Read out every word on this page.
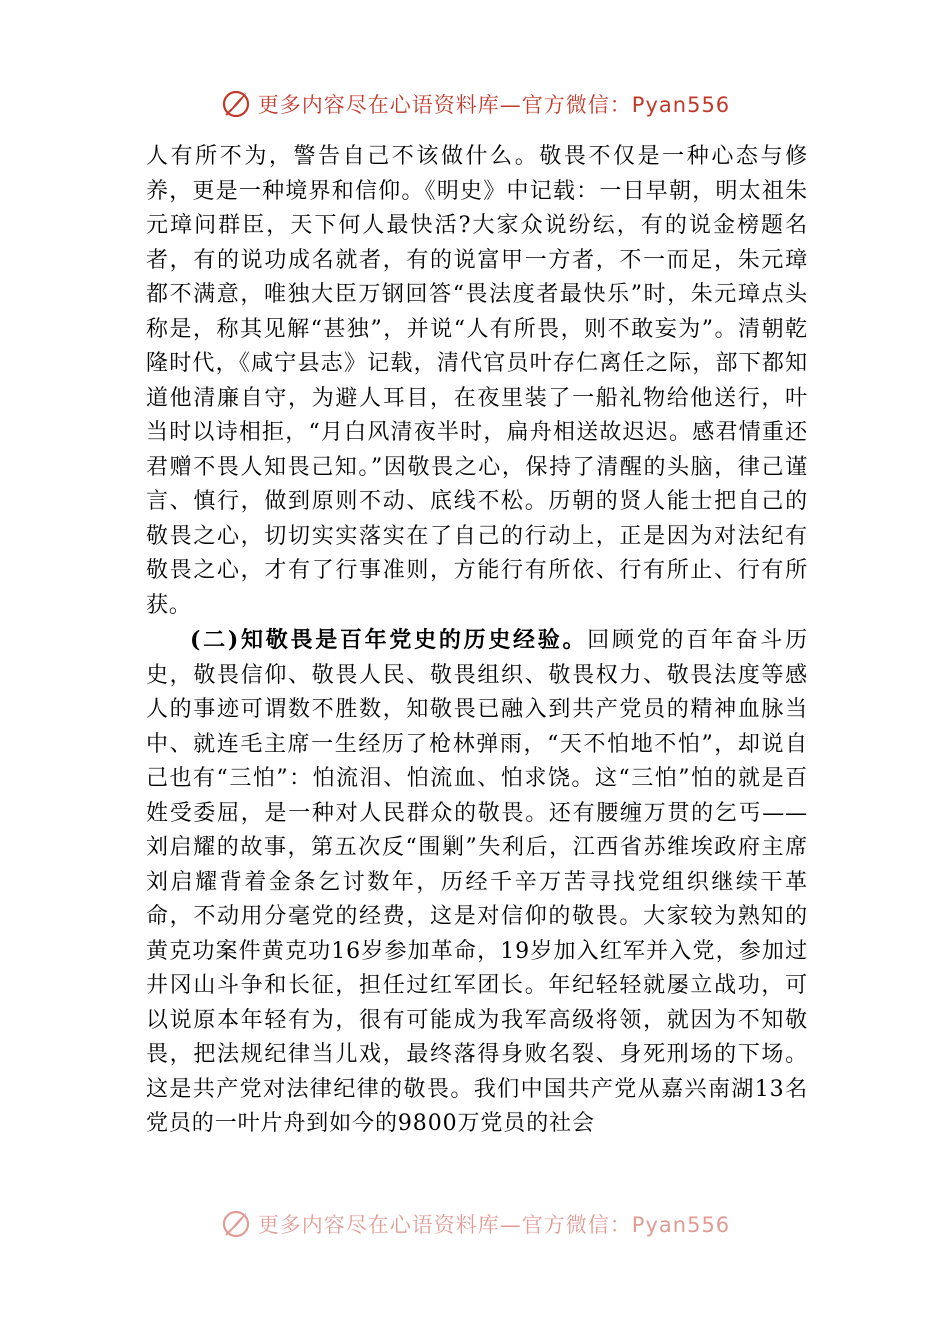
更多内容尽在心语资料库—官方微信：Pyan556

人有所不为，警告自己不该做什么。敬畏不仅是一种心态与修养，更是一种境界和信仰。《明史》中记载：一日早朝，明太祖朱元璋问群臣，天下何人最快活?大家众说纷纭，有的说金榜题名者，有的说功成名就者，有的说富甲一方者，不一而足，朱元璋都不满意，唯独大臣万钢回答“畏法度者最快乐”时，朱元璋点头称是，称其见解“甚独”，并说“人有所畏，则不敢妄为”。清朝乾隆时代，《咸宁县志》记载，清代官员叶存仁离任之际，部下都知道他清廉自守，为避人耳目，在夜里装了一船礼物给他送行，叶当时以诗相拒，“月白风清夜半时，扁舟相送故迟迟。感君情重还君赠不畏人知畏己知。”因敬畏之心，保持了清醒的头脑，律己谨言、慎行，做到原则不动、底线不松。历朝的贤人能士把自己的敬畏之心，切切实实落实在了自己的行动上，正是因为对法纪有敬畏之心，才有了行事准则，方能行有所依、行有所止、行有所获。

(二)知敬畏是百年党史的历史经验。回顾党的百年奋斗历史，敬畏信仰、敬畏人民、敬畏组织、敬畏权力、敬畏法度等感人的事迹可谓数不胜数，知敬畏已融入到共产党员的精神血脉当中、就连毛主席一生经历了枪林弹雨，“天不怕地不怕”，却说自己也有“三怕”：怕流泪、怕流血、怕求饶。这“三怕”怕的就是百姓受委屈，是一种对人民群众的敬畏。还有腰缠万贯的乞丐——刘启耀的故事，第五次反“围剿”失利后，江西省苏维埃政府主席刘启耀背着金条乞讨数年，历经千辛万苦寻找党组织继续干革命，不动用分毫党的经费，这是对信仰的敬畏。大家较为熟知的黄克功案件黄克功16岁参加革命，19岁加入红军并入党，参加过井冈山斗争和长征，担任过红军团长。年纪轻轻就屡立战功，可以说原本年轻有为，很有可能成为我军高级将领，就因为不知敬畏，把法规纪律当儿戏，最终落得身败名裂、身死刑场的下场。这是共产党对法律纪律的敬畏。我们中国共产党从嘉兴南湖13名党员的一叶片舟到如今的9800万党员的社会

更多内容尽在心语资料库—官方微信：Pyan556
